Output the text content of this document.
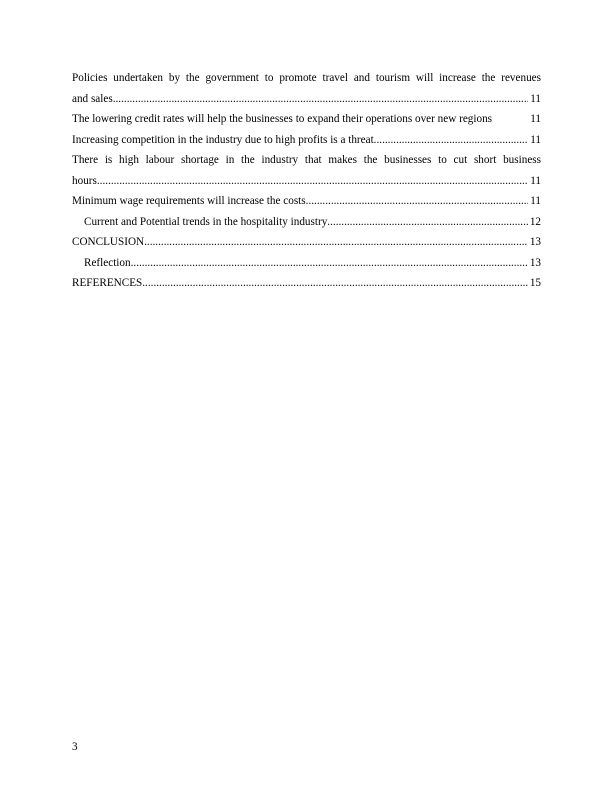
Policies undertaken by the government to promote travel and tourism will increase the revenues
and sales .....	11
The lowering credit rates will help the businesses to expand their operations over new regions	11
Increasing competition in the industry due to high profits is a threat. .....	11
There is high labour shortage in the industry that makes the businesses to cut short business
hours .....	11
Minimum wage requirements will increase the costs .....	11
Current and Potential trends in the hospitality industry .....	12
CONCLUSION .....	13
Reflection .....	13
REFERENCES .....	15
3
